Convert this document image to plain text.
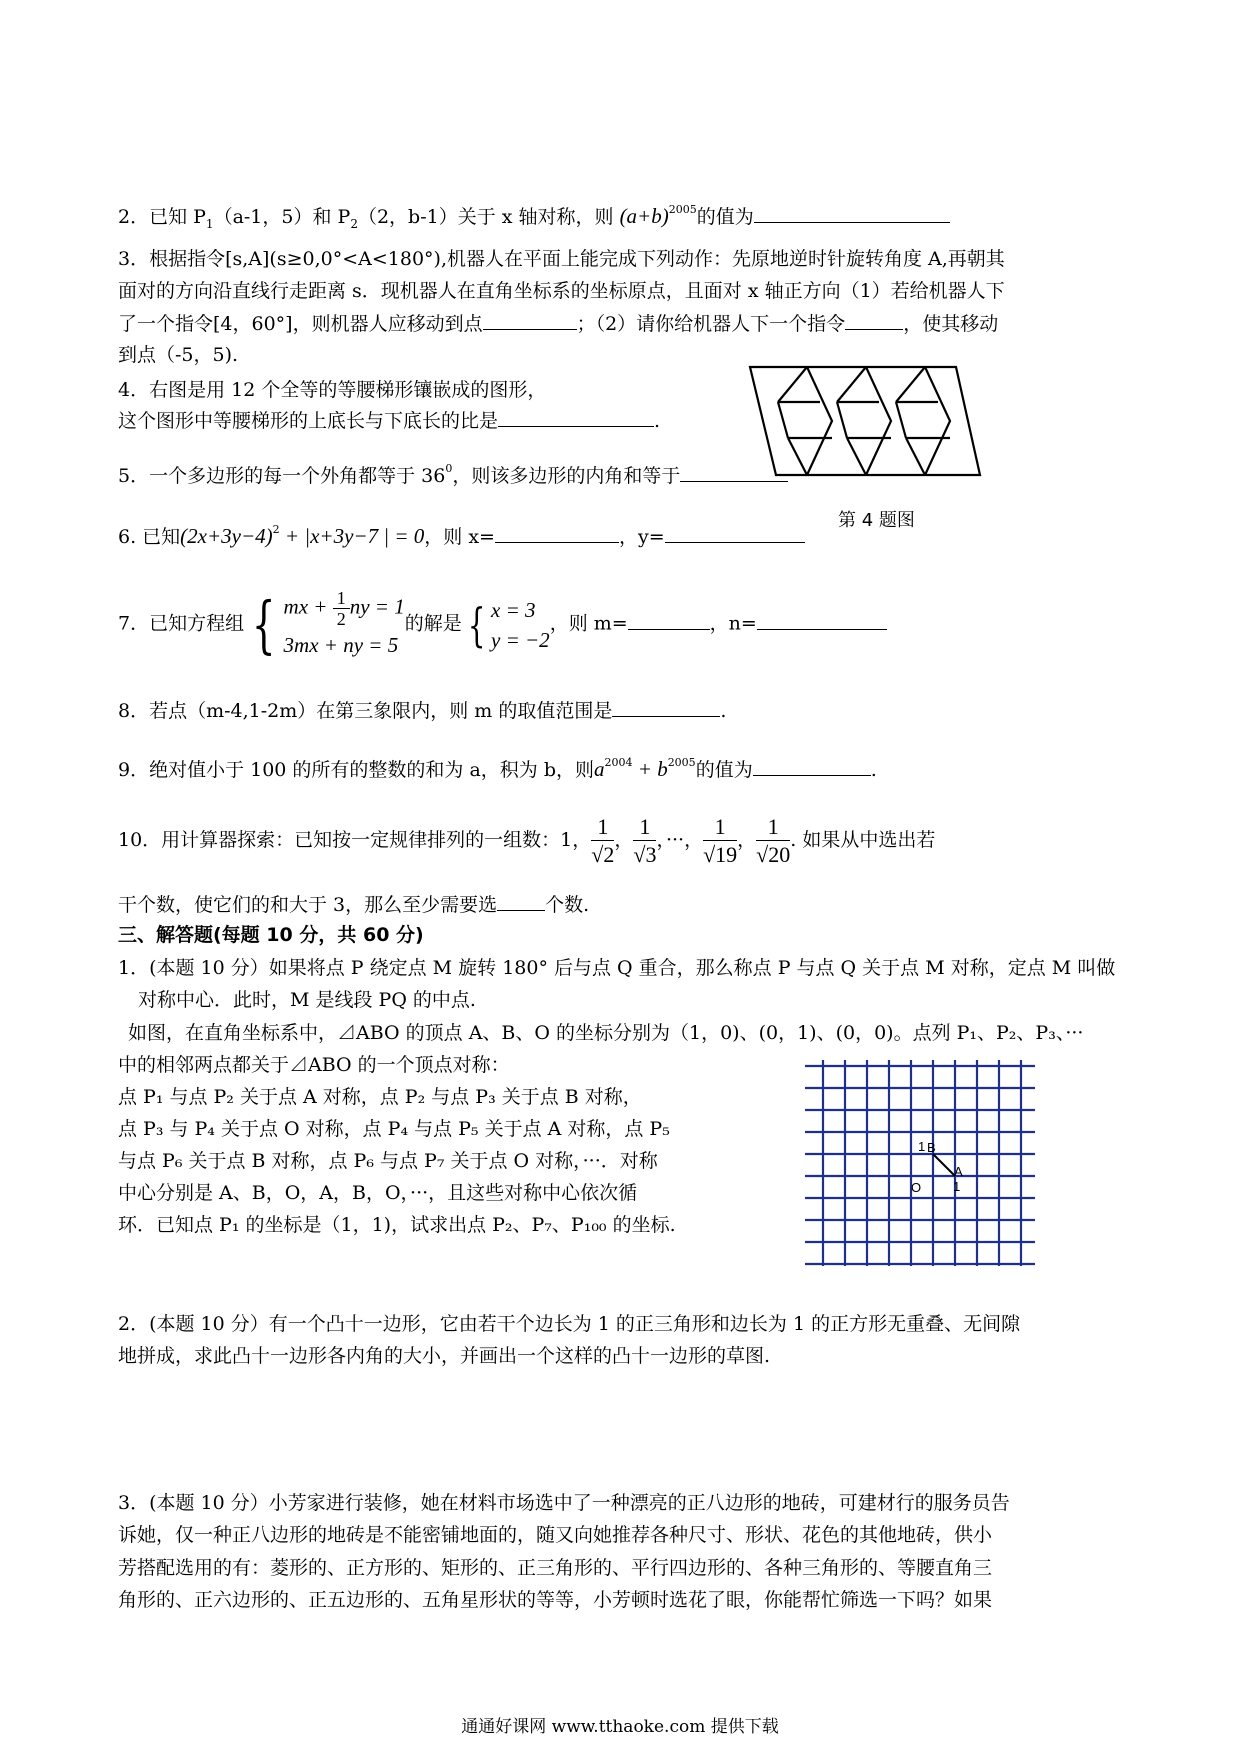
2．已知 $P_1(a-1$，5）和 $P_2(2$，b-1）关于 x 轴对称，则 $(a+b)^{2005}$的值为
3．根据指令[s,A](s≥0,0°<A<180°),机器人在平面上能完成下列动作：先原地逆时针旋转角度 A,再朝其
面对的方向沿直线行走距离 s．现机器人在直角坐标系的坐标原点，且面对 x 轴正方向（1）若给机器人下
了一个指令[4，60°]，则机器人应移动到点	；（2）请你给机器人下一个指令	，使其移动
到点（-5，5).
4．右图是用 12 个全等的等腰梯形镶嵌成的图形，
这个图形中等腰梯形的上底长与下底长的比是	.
第 4 题图
5．一个多边形的每一个外角都等于 $36^0$，则该多边形的内角和等于
6. 已知$(2x+3y-4)^2 + |x+3y-7$ | = 0，则 x=	，y=
7．已知方程组 { mx + $\frac{1}{2}$ ny = 1
3mx + ny = 5
的解是 { x = 3
y = −2
，则 m=	，n=
8．若点（m-4,1-2m）在第三象限内，则 m 的取值范围是	.
9．绝对值小于 100 的所有的整数的和为 a，积为 b，则$a^{2004} + b^{2005}$的值为	.
10．用计算器探索：已知按一定规律排列的一组数：1， $\frac{1}{√2}$ ， $\frac{1}{√3}$ ，···， $\frac{1}{√19}$ ， $\frac{1}{√20}$ . 如果从中选出若
干个数，使它们的和大于 3，那么至少需要选	个数.
三、解答题(每题 10 分，共 60 分)
1．(本题 10 分）如果将点 P 绕定点 M 旋转 180° 后与点 Q 重合，那么称点 P 与点 Q 关于点 M 对称，定点 M 叫做
对称中心．此时，M 是线段 PQ 的中点.
如图，在直角坐标系中，⊿ABO 的顶点 A、B、O 的坐标分别为（1，0)、(0，1)、(0，0)。点列 P₁、P₂、P₃、···
中的相邻两点都关于⊿ABO 的一个顶点对称：
点 P₁ 与点 P₂ 关于点 A 对称，点 P₂ 与点 P₃ 关于点 B 对称，
点 P₃ 与 P₄ 关于点 O 对称，点 P₄ 与点 P₅ 关于点 A 对称，点 P₅
与点 P₆ 关于点 B 对称，点 P₆ 与点 P₇ 关于点 O 对称，···．对称
中心分别是 A、B，O，A，B，O，···，且这些对称中心依次循
环．已知点 P₁ 的坐标是（1，1)，试求出点 P₂、P₇、P₁₀₀ 的坐标.
1 B
O
A
1
2．(本题 10 分）有一个凸十一边形，它由若干个边长为 1 的正三角形和边长为 1 的正方形无重叠、无间隙
地拼成，求此凸十一边形各内角的大小，并画出一个这样的凸十一边形的草图.
3．(本题 10 分）小芳家进行装修，她在材料市场选中了一种漂亮的正八边形的地砖，可建材行的服务员告
诉她，仅一种正八边形的地砖是不能密铺地面的，随又向她推荐各种尺寸、形状、花色的其他地砖，供小
芳搭配选用的有：菱形的、正方形的、矩形的、正三角形的、平行四边形的、各种三角形的、等腰直角三
角形的、正六边形的、正五边形的、五角星形状的等等，小芳顿时选花了眼，你能帮忙筛选一下吗？如果
通通好课网 www.tthaoke.com 提供下载
